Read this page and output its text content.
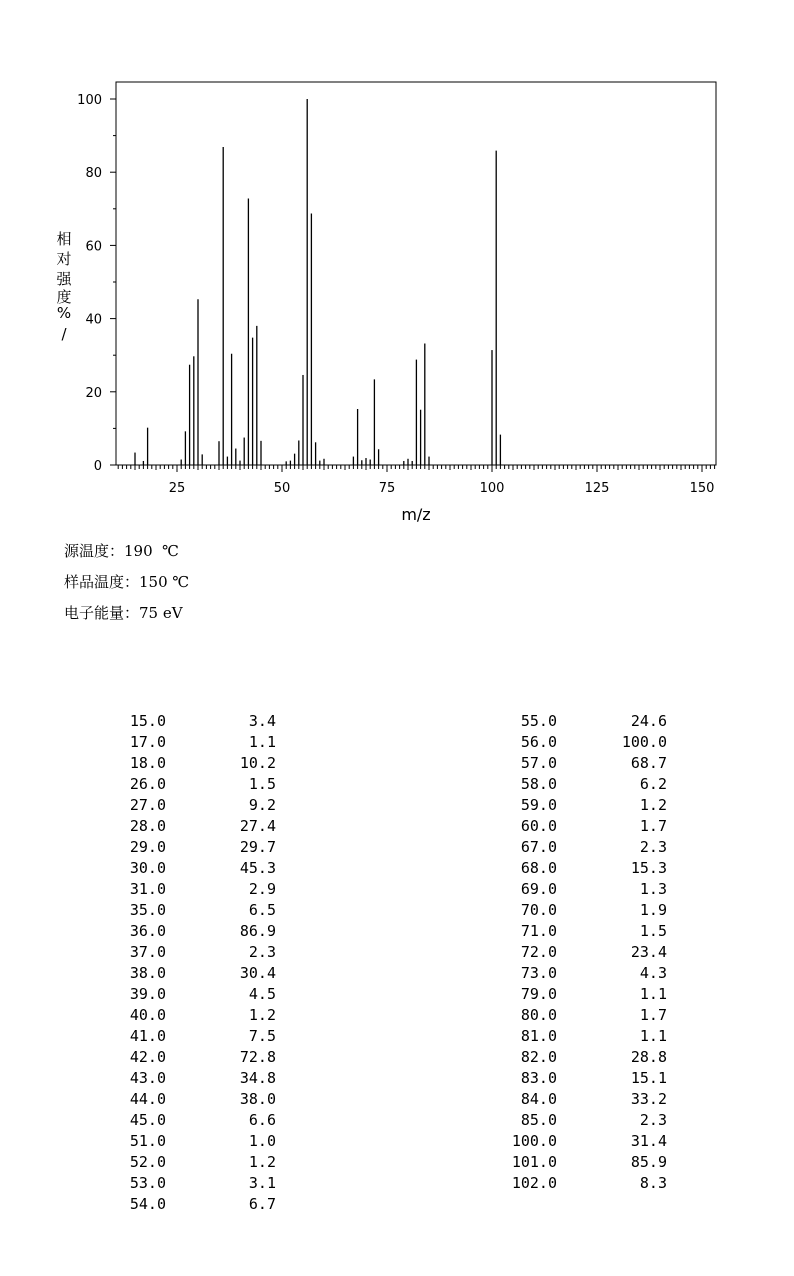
0
20
40
60
80
100
25	50	75	100	125	150
m/z
相
对
强
度
%
/
源温度：190  ℃
样品温度：150 ℃
电子能量：75 eV
15.0	3.4
17.0	1.1
18.0	10.2
26.0	1.5
27.0	9.2
28.0	27.4
29.0	29.7
30.0	45.3
31.0	2.9
35.0	6.5
36.0	86.9
37.0	2.3
38.0	30.4
39.0	4.5
40.0	1.2
41.0	7.5
42.0	72.8
43.0	34.8
44.0	38.0
45.0	6.6
51.0	1.0
52.0	1.2
53.0	3.1
54.0	6.7
55.0	24.6
56.0	100.0
57.0	68.7
58.0	6.2
59.0	1.2
60.0	1.7
67.0	2.3
68.0	15.3
69.0	1.3
70.0	1.9
71.0	1.5
72.0	23.4
73.0	4.3
79.0	1.1
80.0	1.7
81.0	1.1
82.0	28.8
83.0	15.1
84.0	33.2
85.0	2.3
100.0	31.4
101.0	85.9
102.0	8.3
